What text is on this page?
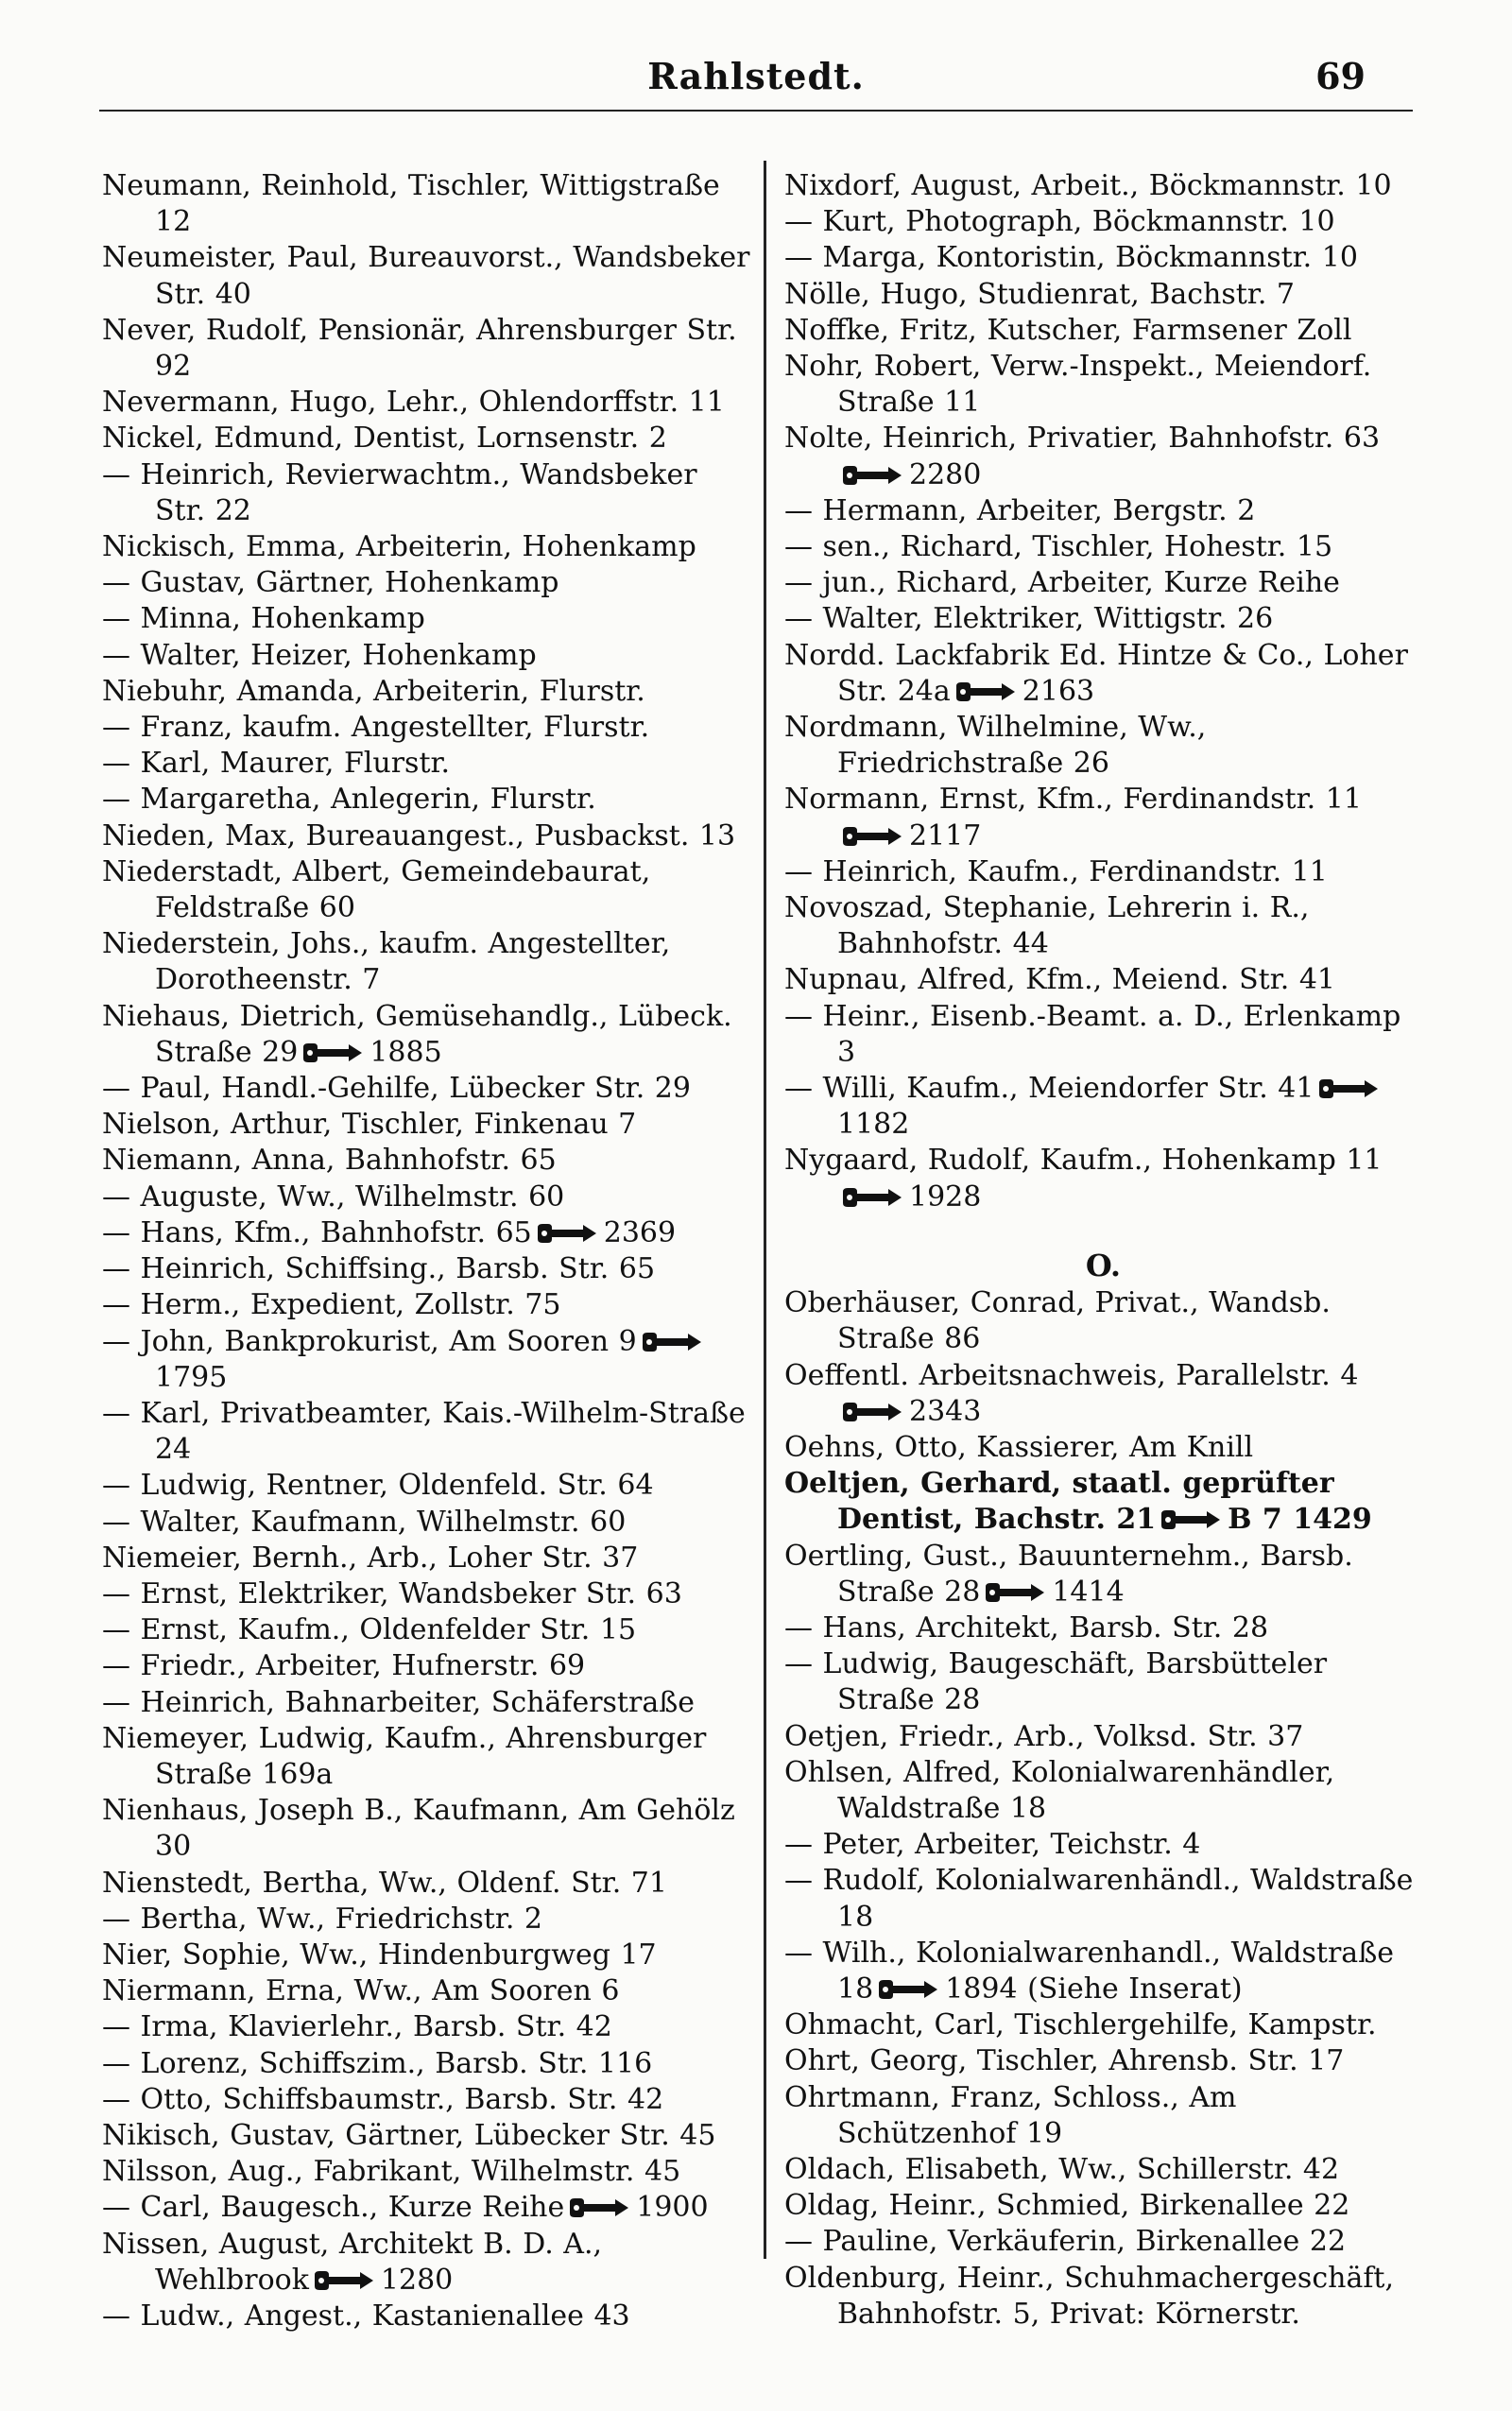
Rahlstedt.	69

Neumann, Reinhold, Tischler, Wittigstraße 12

Neumeister, Paul, Bureauvorst., Wandsbeker Str. 40

Never, Rudolf, Pensionär, Ahrensburger Str. 92

Nevermann, Hugo, Lehr., Ohlendorffstr. 11

Nickel, Edmund, Dentist, Lornsenstr. 2

— Heinrich, Revierwachtm., Wandsbeker Str. 22

Nickisch, Emma, Arbeiterin, Hohenkamp

— Gustav, Gärtner, Hohenkamp

— Minna, Hohenkamp

— Walter, Heizer, Hohenkamp

Niebuhr, Amanda, Arbeiterin, Flurstr.

— Franz, kaufm. Angestellter, Flurstr.

— Karl, Maurer, Flurstr.

— Margaretha, Anlegerin, Flurstr.

Nieden, Max, Bureauangest., Pusbackst. 13

Niederstadt, Albert, Gemeindebaurat, Feldstraße 60

Niederstein, Johs., kaufm. Angestellter, Dorotheenstr. 7

Niehaus, Dietrich, Gemüsehandlg., Lübeck. Straße 29	1885

— Paul, Handl.-Gehilfe, Lübecker Str. 29

Nielson, Arthur, Tischler, Finkenau 7

Niemann, Anna, Bahnhofstr. 65

— Auguste, Ww., Wilhelmstr. 60

— Hans, Kfm., Bahnhofstr. 65	2369

— Heinrich, Schiffsing., Barsb. Str. 65

— Herm., Expedient, Zollstr. 75

— John, Bankprokurist, Am Sooren 91795

— Karl, Privatbeamter, Kais.-Wilhelm-Straße 24

— Ludwig, Rentner, Oldenfeld. Str. 64

— Walter, Kaufmann, Wilhelmstr. 60

Niemeier, Bernh., Arb., Loher Str. 37

— Ernst, Elektriker, Wandsbeker Str. 63

— Ernst, Kaufm., Oldenfelder Str. 15

— Friedr., Arbeiter, Hufnerstr. 69

— Heinrich, Bahnarbeiter, Schäferstraße

Niemeyer, Ludwig, Kaufm., Ahrensburger Straße 169a

Nienhaus, Joseph B., Kaufmann, Am Gehölz 30

Nienstedt, Bertha, Ww., Oldenf. Str. 71

— Bertha, Ww., Friedrichstr. 2

Nier, Sophie, Ww., Hindenburgweg 17

Niermann, Erna, Ww., Am Sooren 6

— Irma, Klavierlehr., Barsb. Str. 42

— Lorenz, Schiffszim., Barsb. Str. 116

— Otto, Schiffsbaumstr., Barsb. Str. 42

Nikisch, Gustav, Gärtner, Lübecker Str. 45

Nilsson, Aug., Fabrikant, Wilhelmstr. 45

— Carl, Baugesch., Kurze Reihe	1900

Nissen, August, Architekt B. D. A., Wehlbrook	1280

— Ludw., Angest., Kastanienallee 43

Nixdorf, August, Arbeit., Böckmannstr. 10

— Kurt, Photograph, Böckmannstr. 10

— Marga, Kontoristin, Böckmannstr. 10

Nölle, Hugo, Studienrat, Bachstr. 7

Noffke, Fritz, Kutscher, Farmsener Zoll

Nohr, Robert, Verw.-Inspekt., Meiendorf. Straße 11

Nolte, Heinrich, Privatier, Bahnhofstr. 632280

— Hermann, Arbeiter, Bergstr. 2

— sen., Richard, Tischler, Hohestr. 15

— jun., Richard, Arbeiter, Kurze Reihe

— Walter, Elektriker, Wittigstr. 26

Nordd. Lackfabrik Ed. Hintze & Co., Loher Str. 24a	2163

Nordmann, Wilhelmine, Ww., Friedrichstraße 26

Normann, Ernst, Kfm., Ferdinandstr. 112117

— Heinrich, Kaufm., Ferdinandstr. 11

Novoszad, Stephanie, Lehrerin i. R., Bahnhofstr. 44

Nupnau, Alfred, Kfm., Meiend. Str. 41

— Heinr., Eisenb.-Beamt. a. D., Erlenkamp 3

— Willi, Kaufm., Meiendorfer Str. 411182

Nygaard, Rudolf, Kaufm., Hohenkamp 111928

O.

Oberhäuser, Conrad, Privat., Wandsb. Straße 86

Oeffentl. Arbeitsnachweis, Parallelstr. 42343

Oehns, Otto, Kassierer, Am Knill

Oeltjen, Gerhard, staatl. geprüfter Dentist, Bachstr. 21	B 7 1429

Oertling, Gust., Bauunternehm., Barsb. Straße 28	1414

— Hans, Architekt, Barsb. Str. 28

— Ludwig, Baugeschäft, Barsbütteler Straße 28

Oetjen, Friedr., Arb., Volksd. Str. 37

Ohlsen, Alfred, Kolonialwarenhändler, Waldstraße 18

— Peter, Arbeiter, Teichstr. 4

— Rudolf, Kolonialwarenhändl., Waldstraße 18

— Wilh., Kolonialwarenhandl., Waldstraße 18	1894 (Siehe Inserat)

Ohmacht, Carl, Tischlergehilfe, Kampstr.

Ohrt, Georg, Tischler, Ahrensb. Str. 17

Ohrtmann, Franz, Schloss., Am Schützenhof 19

Oldach, Elisabeth, Ww., Schillerstr. 42

Oldag, Heinr., Schmied, Birkenallee 22

— Pauline, Verkäuferin, Birkenallee 22

Oldenburg, Heinr., Schuhmachergeschäft, Bahnhofstr. 5, Privat: Körnerstr.
